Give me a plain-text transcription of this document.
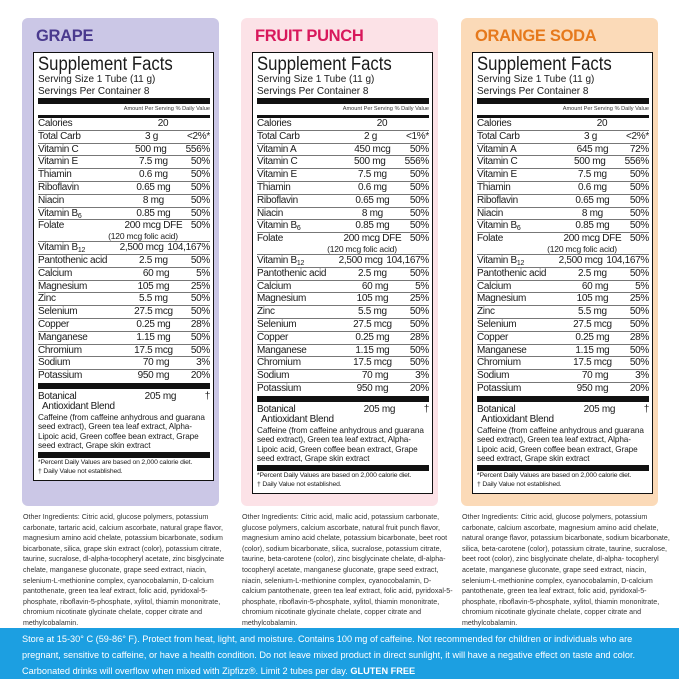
GRAPE
Supplement Facts
Serving Size 1 Tube (11 g)
Servings Per Container 8
Amount Per Serving % Daily Value
Calories	20
Total Carb	3 g	<2%*
Vitamin C	500 mg	556%
Vitamin E	7.5 mg	50%
Thiamin	0.6 mg	50%
Riboflavin	0.65 mg	50%
Niacin	8 mg	50%
Vitamin $B_6$	0.85 mg	50%
Folate	200 mcg DFE 50%
(120 mcg folic acid)
Vitamin $B_{12}$	2,500 mcg 104,167%
Pantothenic acid	2.5 mg	50%
Calcium	60 mg	5%
Magnesium	105 mg	25%
Zinc	5.5 mg	50%
Selenium	27.5 mcg	50%
Copper	0.25 mg	28%
Manganese	1.15 mg	50%
Chromium	17.5 mcg	50%
Sodium	70 mg	3%
Potassium	950 mg	20%
Botanical	205 mg	†
Antioxidant Blend
Caffeine (from caffeine anhydrous and guarana seed extract), Green tea leaf extract, Alpha-Lipoic acid, Green coffee bean extract, Grape seed extract, Grape skin extract
*Percent Daily Values are based on 2,000 calorie diet.
† Daily Value not established.
Other Ingredients: Citric acid, glucose polymers, potassium carbonate, tartaric acid, calcium ascorbate, natural grape flavor, magnesium amino acid chelate, potassium bicarbonate, sodium bicarbonate, silica, grape skin extract (color), potassium citrate, taurine, sucralose, dl-alpha-tocopheryl acetate, zinc bisglycinate chelate, manganese gluconate, grape seed extract, niacin, selenium-L-methionine complex, cyanocobalamin, D-calcium pantothenate, green tea leaf extract, folic acid, pyridoxal-5-phosphate, riboflavin-5-phosphate, xylitol, thiamin mononitrate, chromium nicotinate glycinate chelate, copper citrate and methylcobalamin.
FRUIT PUNCH
Supplement Facts
Serving Size 1 Tube (11 g)
Servings Per Container 8
Amount Per Serving % Daily Value
Calories	20
Total Carb	2 g	<1%*
Vitamin A	450 mcg	50%
Vitamin C	500 mg	556%
Vitamin E	7.5 mg	50%
Thiamin	0.6 mg	50%
Riboflavin	0.65 mg	50%
Niacin	8 mg	50%
Vitamin $B_6$	0.85 mg	50%
Folate	200 mcg DFE 50%
(120 mcg folic acid)
Vitamin $B_{12}$	2,500 mcg 104,167%
Pantothenic acid	2.5 mg	50%
Calcium	60 mg	5%
Magnesium	105 mg	25%
Zinc	5.5 mg	50%
Selenium	27.5 mcg	50%
Copper	0.25 mg	28%
Manganese	1.15 mg	50%
Chromium	17.5 mcg	50%
Sodium	70 mg	3%
Potassium	950 mg	20%
Botanical	205 mg	†
Antioxidant Blend
Caffeine (from caffeine anhydrous and guarana seed extract), Green tea leaf extract, Alpha-Lipoic acid, Green coffee bean extract, Grape seed extract, Grape skin extract
*Percent Daily Values are based on 2,000 calorie diet.
† Daily Value not established.
Other Ingredients: Citric acid, malic acid, potassium carbonate, glucose polymers, calcium ascorbate, natural fruit punch flavor, magnesium amino acid chelate, potassium bicarbonate, beet root (color), sodium bicarbonate, silica, sucralose, potassium citrate, taurine, beta-carotene (color), zinc bisglycinate chelate, dl-alpha- tocopheryl acetate, manganese gluconate, grape seed extract, niacin, selenium-L-methionine complex, cyanocobalamin, D-calcium pantothenate, green tea leaf extract, folic acid, pyridoxal-5-phosphate, riboflavin-5-phosphate, xylitol, thiamin mononitrate, chromium nicotinate glycinate chelate, copper citrate and methylcobalamin.
ORANGE SODA
Supplement Facts
Serving Size 1 Tube (11 g)
Servings Per Container 8
Amount Per Serving % Daily Value
Calories	20
Total Carb	3 g	<2%*
Vitamin A	645 mg	72%
Vitamin C	500 mg	556%
Vitamin E	7.5 mg	50%
Thiamin	0.6 mg	50%
Riboflavin	0.65 mg	50%
Niacin	8 mg	50%
Vitamin $B_6$	0.85 mg	50%
Folate	200 mcg DFE 50%
(120 mcg folic acid)
Vitamin $B_{12}$	2,500 mcg 104,167%
Pantothenic acid	2.5 mg	50%
Calcium	60 mg	5%
Magnesium	105 mg	25%
Zinc	5.5 mg	50%
Selenium	27.5 mcg	50%
Copper	0.25 mg	28%
Manganese	1.15 mg	50%
Chromium	17.5 mcg	50%
Sodium	70 mg	3%
Potassium	950 mg	20%
Botanical	205 mg	†
Antioxidant Blend
Caffeine (from caffeine anhydrous and guarana seed extract), Green tea leaf extract, Alpha-Lipoic acid, Green coffee bean extract, Grape seed extract, Grape skin extract
*Percent Daily Values are based on 2,000 calorie diet.
† Daily Value not established.
Other Ingredients: Citric acid, glucose polymers, potassium carbonate, calcium ascorbate, magnesium amino acid chelate, natural orange flavor, potassium bicarbonate, sodium bicarbonate, silica, beta-carotene (color), potassium citrate, taurine, sucralose, beet root (color), zinc bisglycinate chelate, dl-alpha- tocopheryl acetate, manganese gluconate, grape seed extract, niacin, selenium-L-methionine complex, cyanocobalamin, D-calcium pantothenate, green tea leaf extract, folic acid, pyridoxal-5-phosphate, riboflavin-5-phosphate, xylitol, thiamin mononitrate, chromium nicotinate glycinate chelate, copper citrate and methylcobalamin.
Store at 15-30° C (59-86° F). Protect from heat, light, and moisture. Contains 100 mg of caffeine. Not recommended for children or individuals who are pregnant, sensitive to caffeine, or have a health condition. Do not leave mixed product in direct sunlight, it will have a negative effect on taste and color. Carbonated drinks will overflow when mixed with Zipfizz®. Limit 2 tubes per day. GLUTEN FREE
